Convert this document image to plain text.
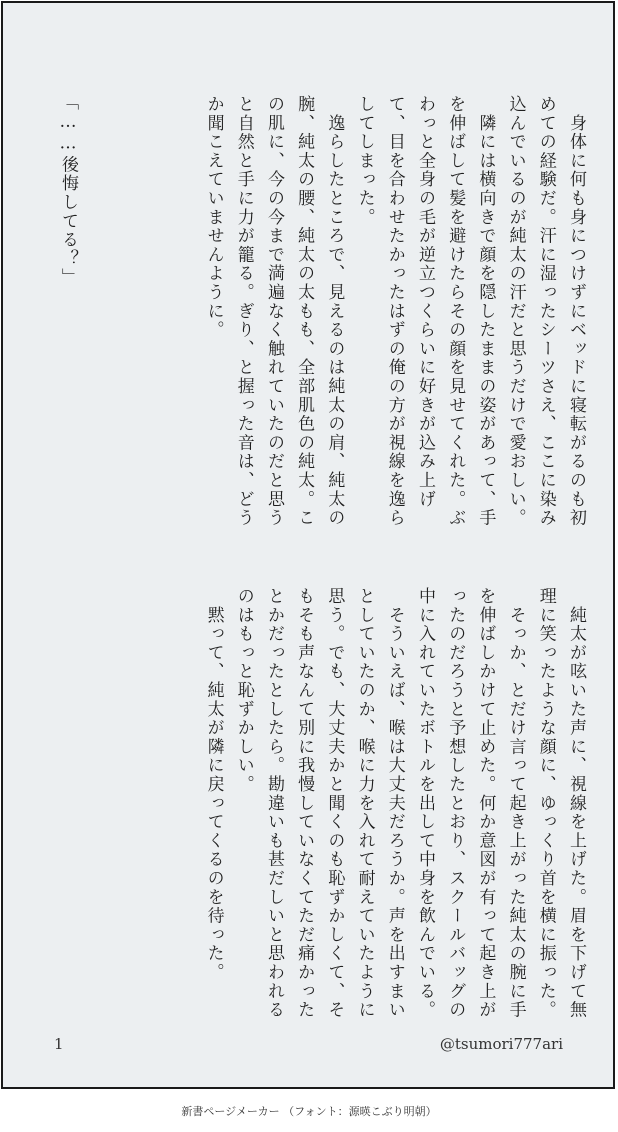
　身体に何も身につけずにベッドに寝転がるのも初めての経験だ。汗に湿ったシーツさえ、ここに染み込んでいるのが純太の汗だと思うだけで愛おしい。
　隣には横向きで顔を隠したままの姿があって、手を伸ばして髪を避けたらその顔を見せてくれた。ぶわっと全身の毛が逆立つくらいに好きが込み上げて、目を合わせたかったはずの俺の方が視線を逸らしてしまった。
　逸らしたところで、見えるのは純太の肩、純太の腕、純太の腰、純太の太もも、全部肌色の純太。この肌に、今の今まで満遍なく触れていたのだと思うと自然と手に力が籠る。ぎり、と握った音は、どうか聞こえていませんように。
「……後悔してる？」
　純太が呟いた声に、視線を上げた。眉を下げて無理に笑ったような顔に、ゆっくり首を横に振った。
　そっか、とだけ言って起き上がった純太の腕に手を伸ばしかけて止めた。何か意図が有って起き上がったのだろうと予想したとおり、スクールバッグの中に入れていたボトルを出して中身を飲んでいる。
　そういえば、喉は大丈夫だろうか。声を出すまいとしていたのか、喉に力を入れて耐えていたように思う。でも、大丈夫かと聞くのも恥ずかしくて、そもそも声なんて別に我慢していなくてただ痛かったとかだったとしたら。勘違いも甚だしいと思われるのはもっと恥ずかしい。
　黙って、純太が隣に戻ってくるのを待った。
1	@tsumori777ari
新書ページメーカー （フォント：源暎こぶり明朝）
